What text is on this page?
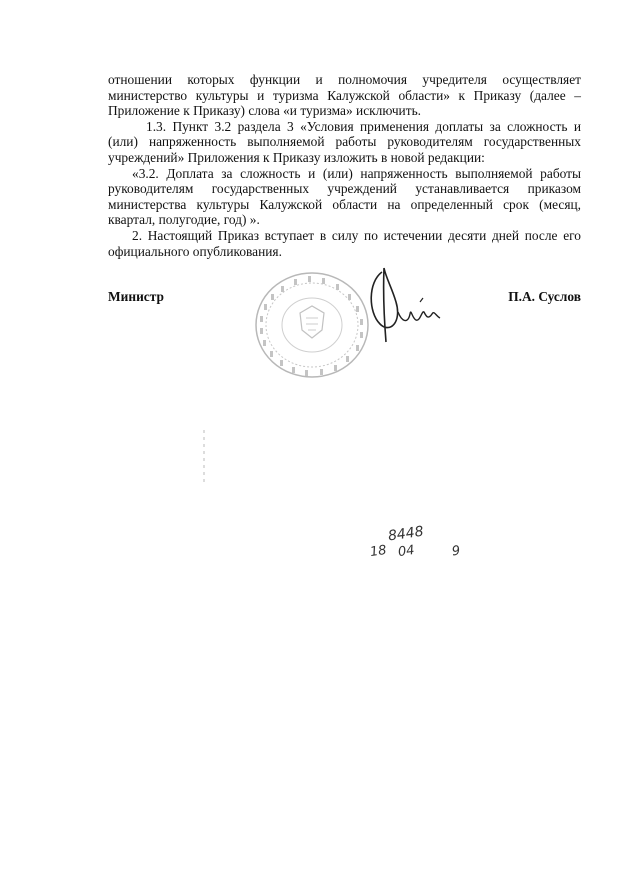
отношении которых функции и полномочия учредителя осуществляет министерство культуры и туризма Калужской области» к Приказу (далее – Приложение к Приказу) слова «и туризма» исключить.

1.3. Пункт 3.2 раздела 3 «Условия применения доплаты за сложность и (или) напряженность выполняемой работы руководителям государственных учреждений» Приложения к Приказу изложить в новой редакции:

«3.2. Доплата за сложность и (или) напряженность выполняемой работы руководителям государственных учреждений устанавливается приказом министерства культуры Калужской области на определенный срок (месяц, квартал, полугодие, год) ».

2. Настоящий Приказ вступает в силу по истечении десяти дней после его официального опубликования.

Министр	П.А. Суслов
8448
18 04	9
